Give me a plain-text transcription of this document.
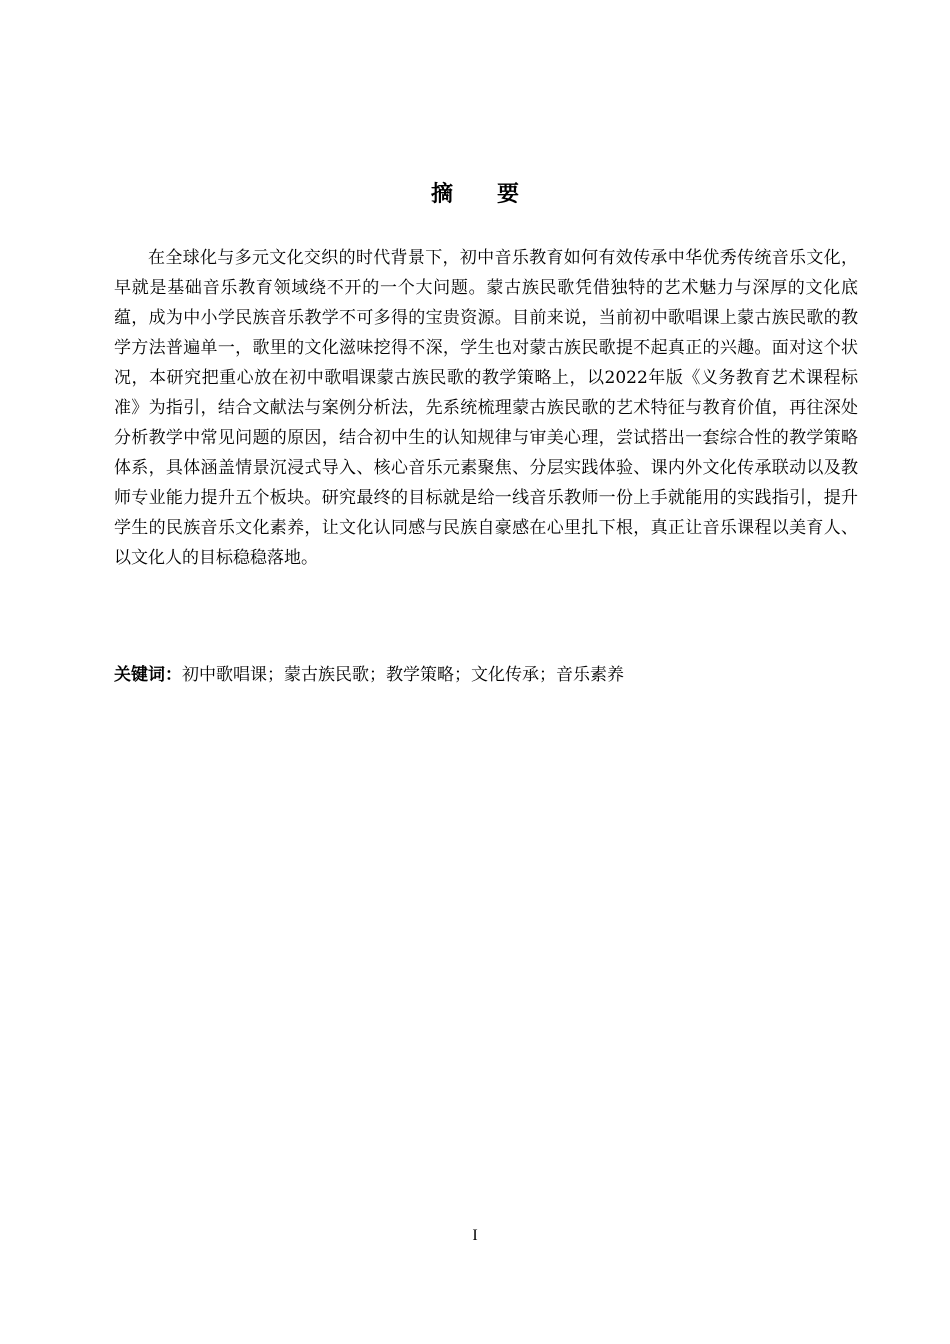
摘要

在全球化与多元文化交织的时代背景下，初中音乐教育如何有效传承中华优秀传统音乐文化，早就是基础音乐教育领域绕不开的一个大问题。蒙古族民歌凭借独特的艺术魅力与深厚的文化底蕴，成为中小学民族音乐教学不可多得的宝贵资源。目前来说，当前初中歌唱课上蒙古族民歌的教学方法普遍单一，歌里的文化滋味挖得不深，学生也对蒙古族民歌提不起真正的兴趣。面对这个状况，本研究把重心放在初中歌唱课蒙古族民歌的教学策略上，以2022年版《义务教育艺术课程标准》为指引，结合文献法与案例分析法，先系统梳理蒙古族民歌的艺术特征与教育价值，再往深处分析教学中常见问题的原因，结合初中生的认知规律与审美心理，尝试搭出一套综合性的教学策略体系，具体涵盖情景沉浸式导入、核心音乐元素聚焦、分层实践体验、课内外文化传承联动以及教师专业能力提升五个板块。研究最终的目标就是给一线音乐教师一份上手就能用的实践指引，提升学生的民族音乐文化素养，让文化认同感与民族自豪感在心里扎下根，真正让音乐课程以美育人、以文化人的目标稳稳落地。

关键词：初中歌唱课；蒙古族民歌；教学策略；文化传承；音乐素养
I
